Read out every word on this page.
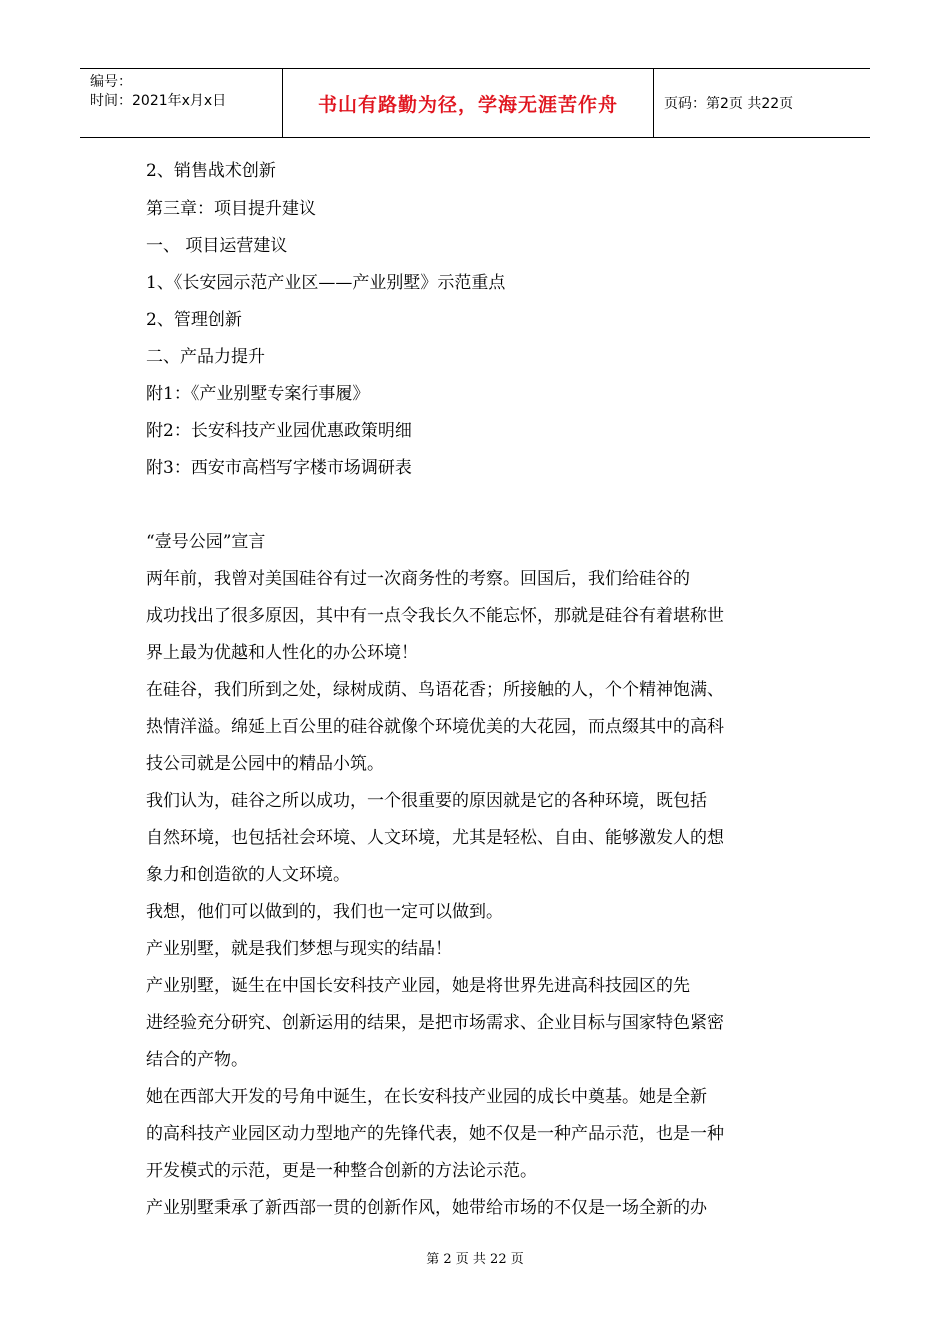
编号：
时间：2021年x月x日	书山有路勤为径，学海无涯苦作舟	页码：第2页 共22页
2、销售战术创新
第三章：项目提升建议
一、 项目运营建议
1、《长安园示范产业区——产业别墅》示范重点
2、管理创新
二、产品力提升
附1：《产业别墅专案行事履》
附2：长安科技产业园优惠政策明细
附3：西安市高档写字楼市场调研表
“壹号公园”宣言
两年前，我曾对美国硅谷有过一次商务性的考察。回国后，我们给硅谷的
成功找出了很多原因，其中有一点令我长久不能忘怀，那就是硅谷有着堪称世
界上最为优越和人性化的办公环境！
在硅谷，我们所到之处，绿树成荫、鸟语花香；所接触的人，个个精神饱满、
热情洋溢。绵延上百公里的硅谷就像个环境优美的大花园，而点缀其中的高科
技公司就是公园中的精品小筑。
我们认为，硅谷之所以成功，一个很重要的原因就是它的各种环境，既包括
自然环境，也包括社会环境、人文环境，尤其是轻松、自由、能够激发人的想
象力和创造欲的人文环境。
我想，他们可以做到的，我们也一定可以做到。
产业别墅，就是我们梦想与现实的结晶！
产业别墅，诞生在中国长安科技产业园，她是将世界先进高科技园区的先
进经验充分研究、创新运用的结果，是把市场需求、企业目标与国家特色紧密
结合的产物。
她在西部大开发的号角中诞生，在长安科技产业园的成长中奠基。她是全新
的高科技产业园区动力型地产的先锋代表，她不仅是一种产品示范，也是一种
开发模式的示范，更是一种整合创新的方法论示范。
产业别墅秉承了新西部一贯的创新作风，她带给市场的不仅是一场全新的办
第 2 页 共 22 页
